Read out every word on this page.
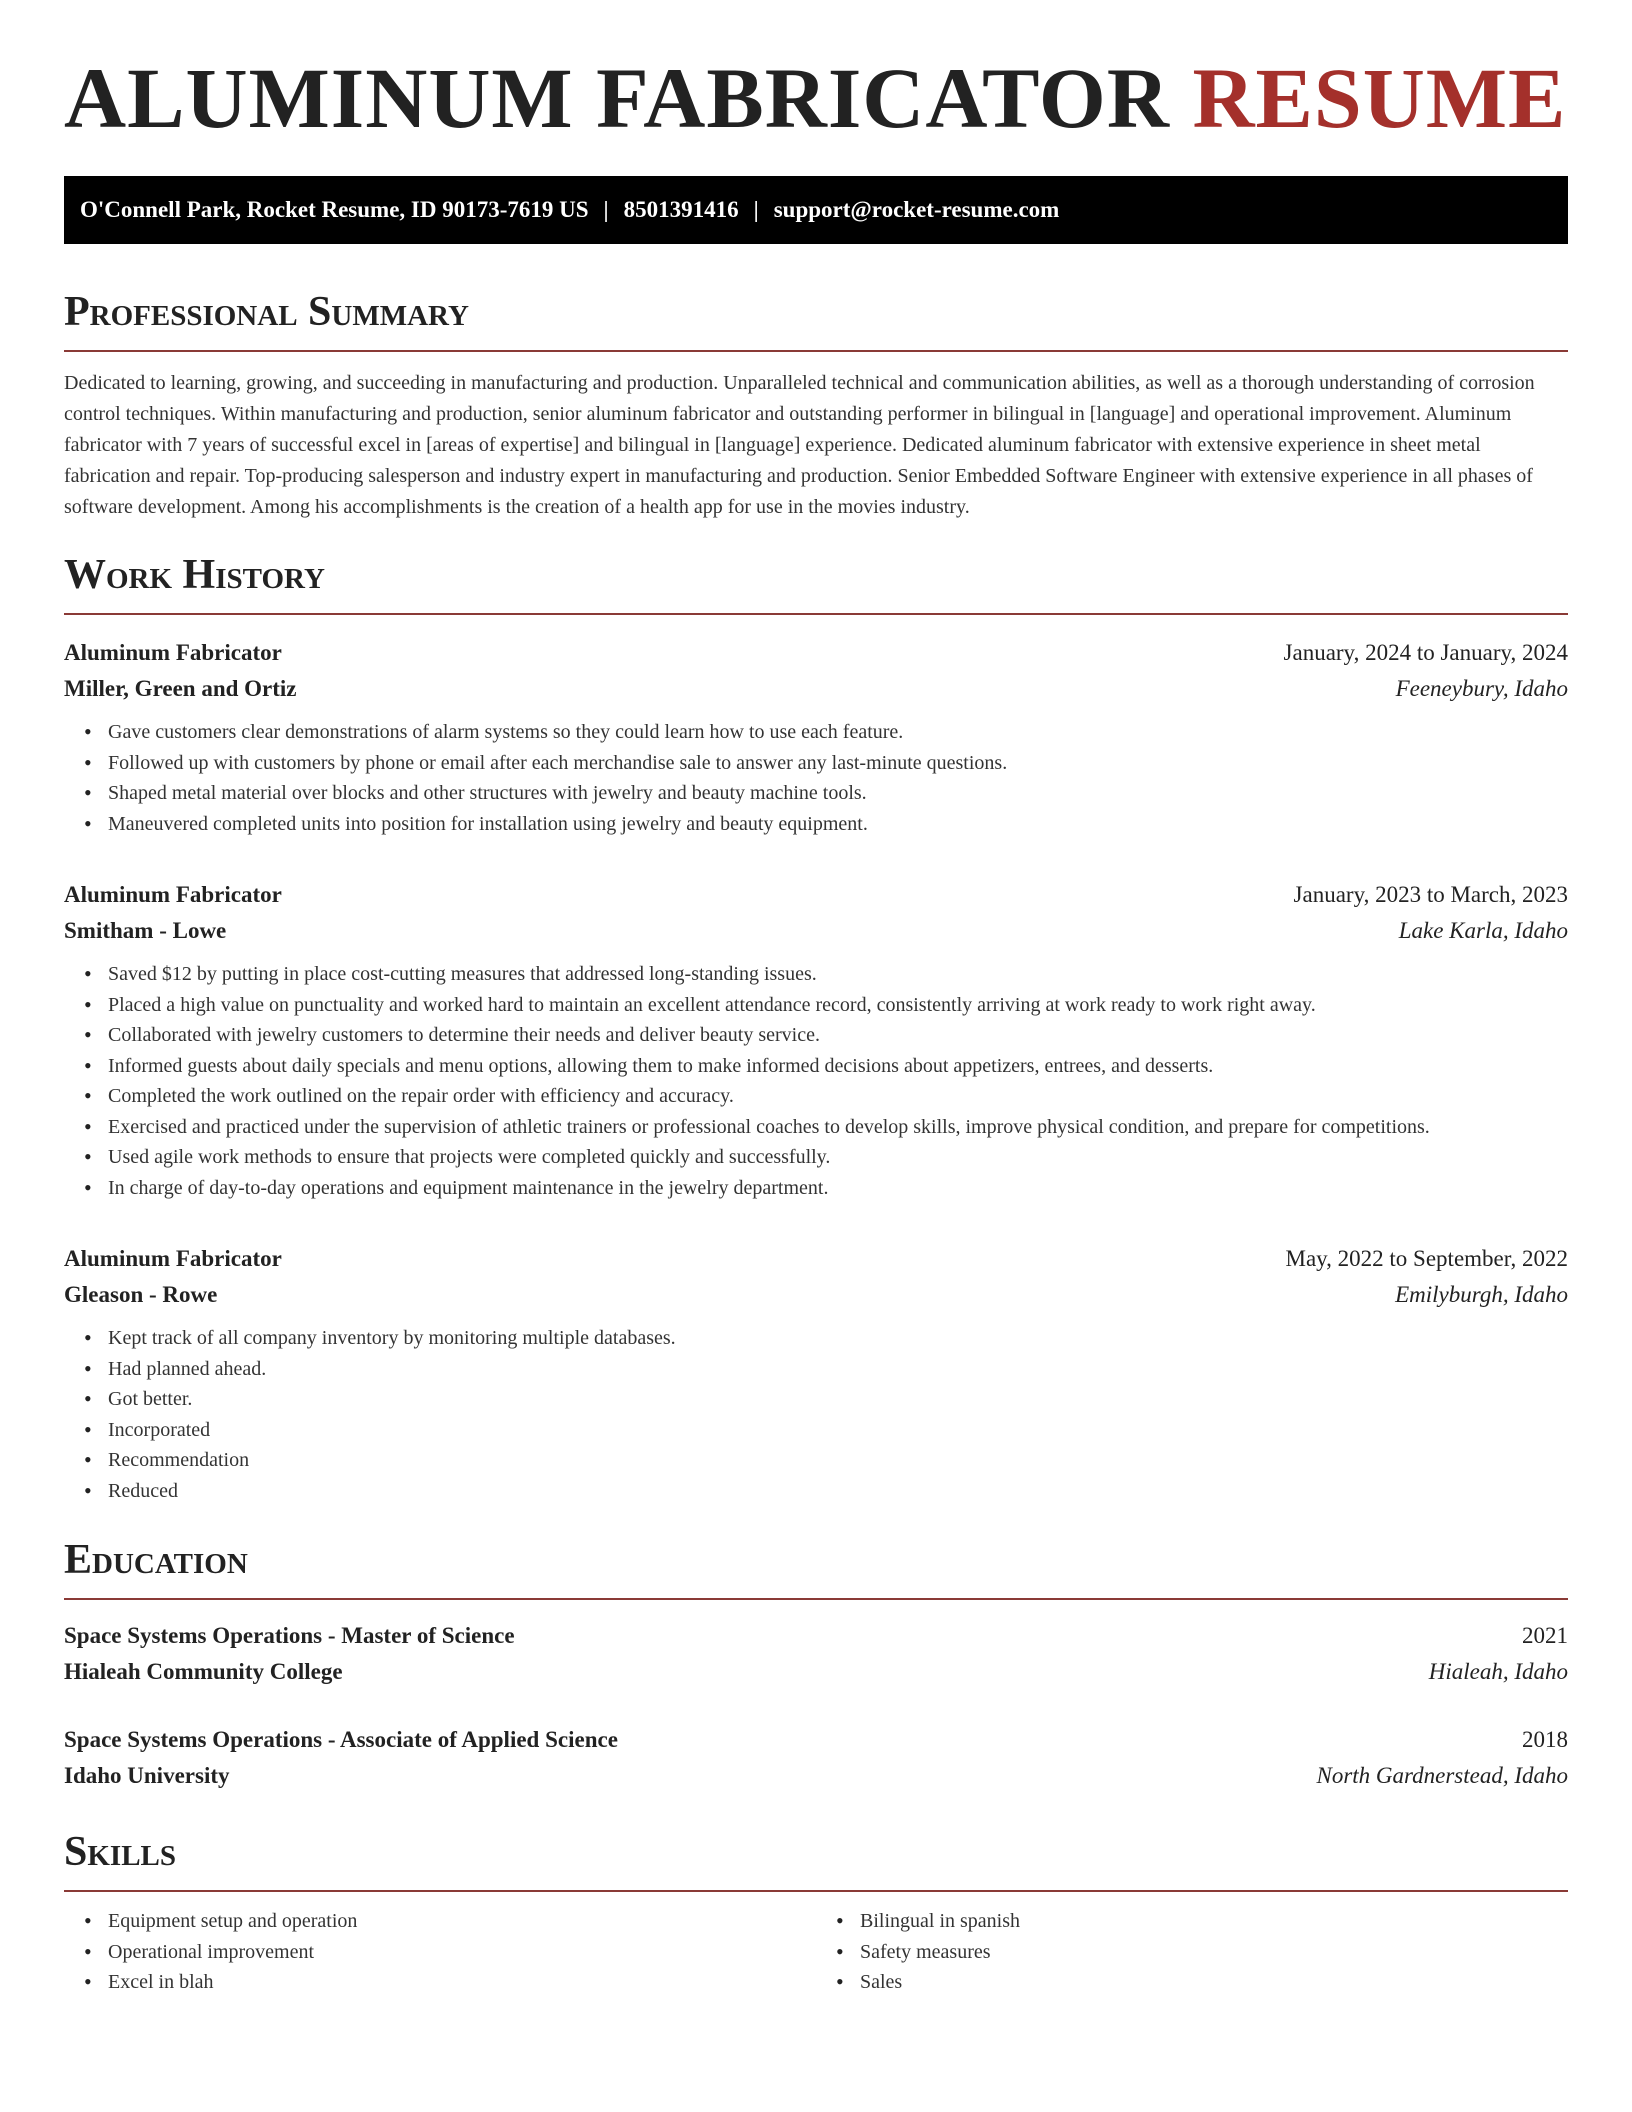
ALUMINUM FABRICATOR RESUME
O'Connell Park, Rocket Resume, ID 90173-7619 US | 8501391416 | support@rocket-resume.com
Professional Summary

Dedicated to learning, growing, and succeeding in manufacturing and production. Unparalleled technical and communication abilities, as well as a thorough understanding of corrosion control techniques. Within manufacturing and production, senior aluminum fabricator and outstanding performer in bilingual in [language] and operational improvement. Aluminum fabricator with 7 years of successful excel in [areas of expertise] and bilingual in [language] experience. Dedicated aluminum fabricator with extensive experience in sheet metal fabrication and repair. Top-producing salesperson and industry expert in manufacturing and production. Senior Embedded Software Engineer with extensive experience in all phases of software development. Among his accomplishments is the creation of a health app for use in the movies industry.

Work History
Aluminum Fabricator	January, 2024 to January, 2024
Miller, Green and Ortiz	Feeneybury, Idaho
• Gave customers clear demonstrations of alarm systems so they could learn how to use each feature.
• Followed up with customers by phone or email after each merchandise sale to answer any last-minute questions.
• Shaped metal material over blocks and other structures with jewelry and beauty machine tools.
• Maneuvered completed units into position for installation using jewelry and beauty equipment.
Aluminum Fabricator	January, 2023 to March, 2023
Smitham - Lowe	Lake Karla, Idaho
• Saved $12 by putting in place cost-cutting measures that addressed long-standing issues.
• Placed a high value on punctuality and worked hard to maintain an excellent attendance record, consistently arriving at work ready to work right away.
• Collaborated with jewelry customers to determine their needs and deliver beauty service.
• Informed guests about daily specials and menu options, allowing them to make informed decisions about appetizers, entrees, and desserts.
• Completed the work outlined on the repair order with efficiency and accuracy.
• Exercised and practiced under the supervision of athletic trainers or professional coaches to develop skills, improve physical condition, and prepare for competitions.
• Used agile work methods to ensure that projects were completed quickly and successfully.
• In charge of day-to-day operations and equipment maintenance in the jewelry department.
Aluminum Fabricator	May, 2022 to September, 2022
Gleason - Rowe	Emilyburgh, Idaho
• Kept track of all company inventory by monitoring multiple databases.
• Had planned ahead.
• Got better.
• Incorporated
• Recommendation
• Reduced
Education
Space Systems Operations - Master of Science	2021
Hialeah Community College	Hialeah, Idaho
Space Systems Operations - Associate of Applied Science	2018
Idaho University	North Gardnerstead, Idaho
Skills
• Equipment setup and operation
• Operational improvement
• Excel in blah
• Bilingual in spanish
• Safety measures
• Sales
